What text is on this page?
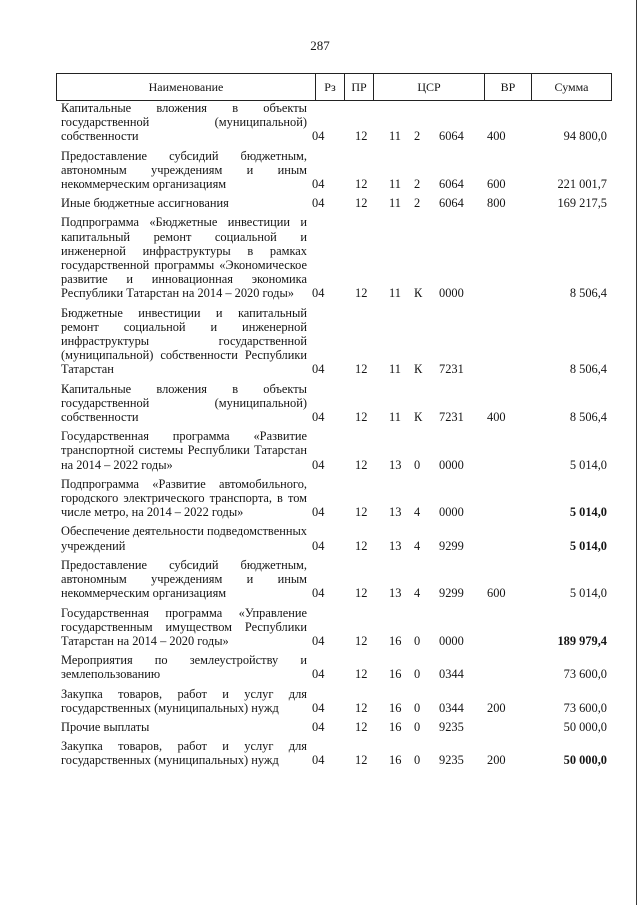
287
Наименование	Рз	ПР	ЦСР	ВР	Сумма
Капитальные вложения в объекты государственной (муниципальной) собственности	04 12 11 2 6064 400	94 800,0
Предоставление субсидий бюджетным, автономным учреждениям и иным некоммерческим организациям	04 12 11 2 6064 600	221 001,7
Иные бюджетные ассигнования	04 12 11 2 6064 800	169 217,5
Подпрограмма «Бюджетные инвестиции и капитальный ремонт социальной и инженерной инфраструктуры в рамках государственной программы «Экономическое развитие и инновационная экономика Республики Татарстан на 2014 – 2020 годы»	04 12 11 К 0000	8 506,4
Бюджетные инвестиции и капитальный ремонт социальной и инженерной инфраструктуры государственной (муниципальной) собственности Республики Татарстан	04 12 11 К 7231	8 506,4
Капитальные вложения в объекты государственной (муниципальной) собственности	04 12 11 К 7231 400	8 506,4
Государственная программа «Развитие транспортной системы Республики Татарстан на 2014 – 2022 годы»	04 12 13 0 0000	5 014,0
Подпрограмма «Развитие автомобильного, городского электрического транспорта, в том числе метро, на 2014 – 2022 годы»	04 12 13 4 0000	5 014,0
Обеспечение деятельности подведомственных учреждений	04 12 13 4 9299	5 014,0
Предоставление субсидий бюджетным, автономным учреждениям и иным некоммерческим организациям	04 12 13 4 9299 600	5 014,0
Государственная программа «Управление государственным имуществом Республики Татарстан на 2014 – 2020 годы»	04 12 16 0 0000	189 979,4
Мероприятия по землеустройству и землепользованию	04 12 16 0 0344	73 600,0
Закупка товаров, работ и услуг для государственных (муниципальных) нужд	04 12 16 0 0344 200	73 600,0
Прочие выплаты	04 12 16 0 9235	50 000,0
Закупка товаров, работ и услуг для государственных (муниципальных) нужд	04 12 16 0 9235 200	50 000,0
